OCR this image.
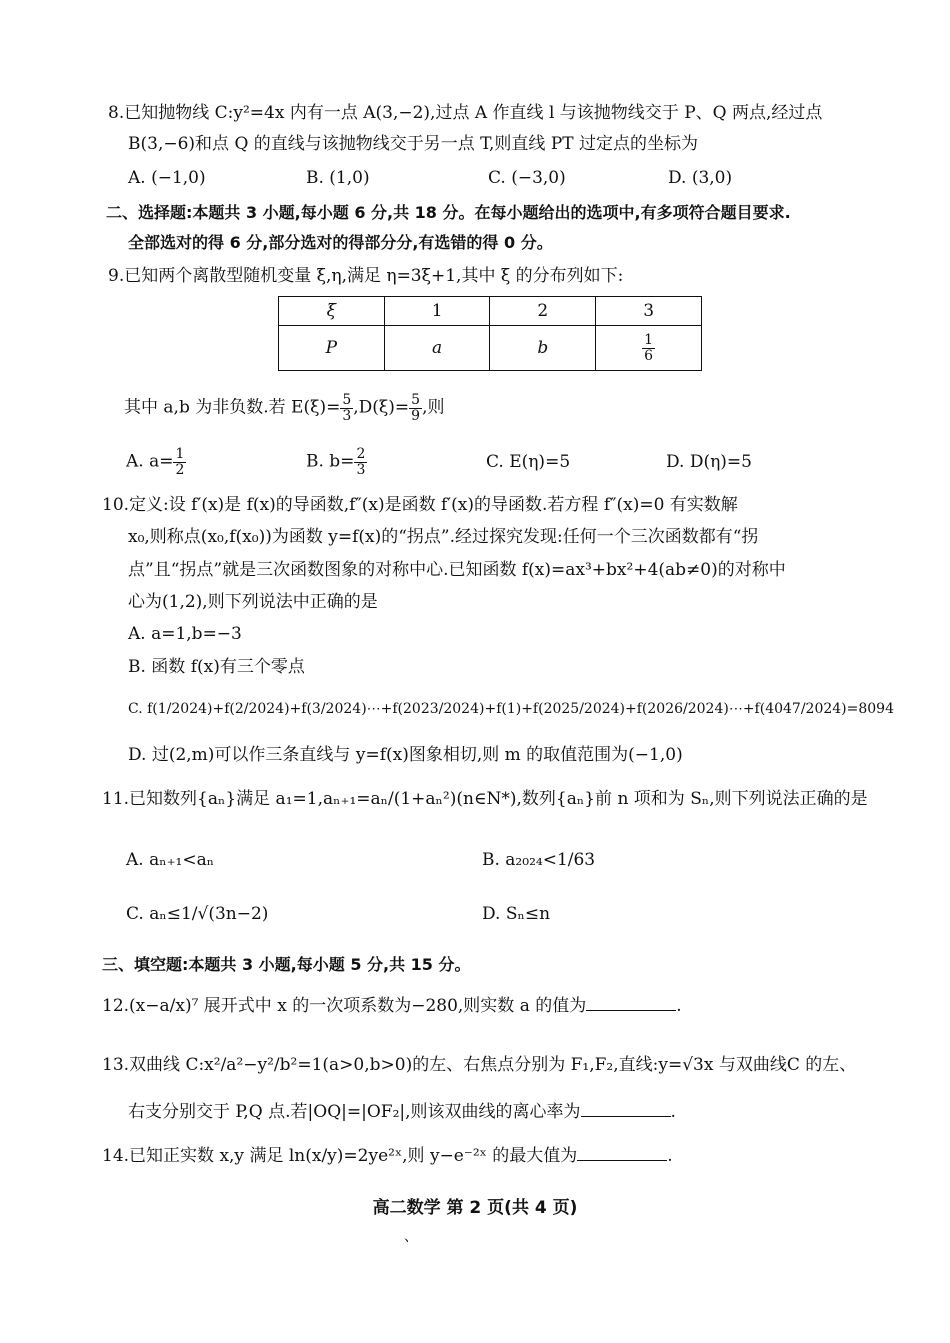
8.已知抛物线 C:y²=4x 内有一点 A(3,−2),过点 A 作直线 l 与该抛物线交于 P、Q 两点,经过点
B(3,−6)和点 Q 的直线与该抛物线交于另一点 T,则直线 PT 过定点的坐标为
A. (−1,0)	B. (1,0)	C. (−3,0)	D. (3,0)
二、选择题:本题共 3 小题,每小题 6 分,共 18 分。在每小题给出的选项中,有多项符合题目要求.
全部选对的得 6 分,部分选对的得部分分,有选错的得 0 分。
9.已知两个离散型随机变量 ξ,η,满足 η=3ξ+1,其中 ξ 的分布列如下:
ξ	1	2	3
P	a	b	$\frac{1}{6}$
其中 a,b 为非负数.若 $E(\xi)= \frac{5}{3} ,D(\xi)= \frac{5}{9}$ ,则
A. $a= \frac{1}{2}$	B. $b= \frac{2}{3}$	C. E(η)=5	D. D(η)=5
10.定义:设 f′(x)是 f(x)的导函数,f″(x)是函数 f′(x)的导函数.若方程 f″(x)=0 有实数解
x₀,则称点(x₀,f(x₀))为函数 y=f(x)的“拐点”.经过探究发现:任何一个三次函数都有“拐
点”且“拐点”就是三次函数图象的对称中心.已知函数 f(x)=ax³+bx²+4(ab≠0)的对称中
心为(1,2),则下列说法中正确的是
A. a=1,b=−3
B. 函数 f(x)有三个零点
C. f(1/2024)+f(2/2024)+f(3/2024)⋯+f(2023/2024)+f(1)+f(2025/2024)+f(2026/2024)⋯+f(4047/2024)=8094
D. 过(2,m)可以作三条直线与 y=f(x)图象相切,则 m 的取值范围为(−1,0)
11.已知数列{aₙ}满足 a₁=1,aₙ₊₁=aₙ/(1+aₙ²)(n∈N*),数列{aₙ}前 n 项和为 Sₙ,则下列说法正确的是
A. aₙ₊₁<aₙ	B. a₂₀₂₄<1/63
C. aₙ≤1/√(3n−2)	D. Sₙ≤n
三、填空题:本题共 3 小题,每小题 5 分,共 15 分。
12.(x−a/x)⁷ 展开式中 x 的一次项系数为−280,则实数 a 的值为	.
13.双曲线 C:x²/a²−y²/b²=1(a>0,b>0)的左、右焦点分别为 F₁,F₂,直线:y=√3x 与双曲线C 的左、
右支分别交于 P,Q 点.若|OQ|=|OF₂|,则该双曲线的离心率为	.
14.已知正实数 x,y 满足 ln(x/y)=2ye²ˣ,则 y−e⁻²ˣ 的最大值为	.
高二数学 第 2 页(共 4 页)
、
